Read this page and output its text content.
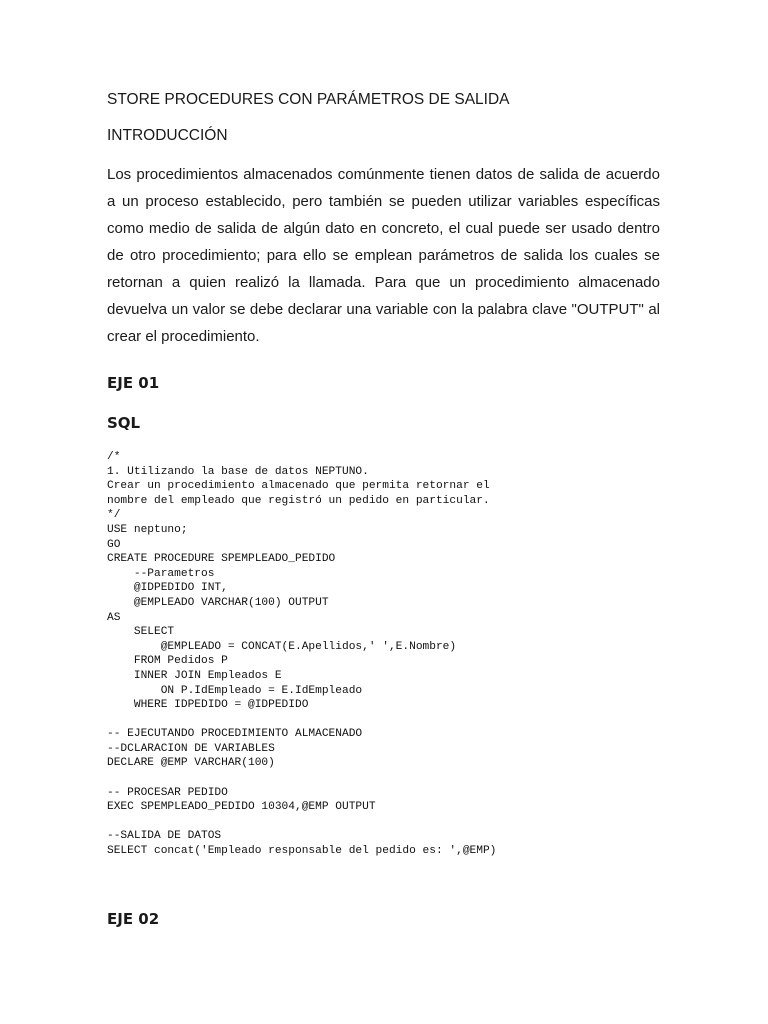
STORE PROCEDURES CON PARÁMETROS DE SALIDA
INTRODUCCIÓN
Los procedimientos almacenados comúnmente tienen datos de salida de acuerdo
a un proceso establecido, pero también se pueden utilizar variables específicas
como medio de salida de algún dato en concreto, el cual puede ser usado dentro
de otro procedimiento; para ello se emplean parámetros de salida los cuales se
retornan a quien realizó la llamada. Para que un procedimiento almacenado
devuelva un valor se debe declarar una variable con la palabra clave "OUTPUT" al
crear el procedimiento.
EJE 01
SQL
/*
1. Utilizando la base de datos NEPTUNO.
Crear un procedimiento almacenado que permita retornar el
nombre del empleado que registró un pedido en particular.
*/
USE neptuno;
GO
CREATE PROCEDURE SPEMPLEADO_PEDIDO
--Parametros
@IDPEDIDO INT,
@EMPLEADO VARCHAR(100) OUTPUT
AS
SELECT
@EMPLEADO = CONCAT(E.Apellidos,' ',E.Nombre)
FROM Pedidos P
INNER JOIN Empleados E
ON P.IdEmpleado = E.IdEmpleado
WHERE IDPEDIDO = @IDPEDIDO

-- EJECUTANDO PROCEDIMIENTO ALMACENADO
--DCLARACION DE VARIABLES
DECLARE @EMP VARCHAR(100)

-- PROCESAR PEDIDO
EXEC SPEMPLEADO_PEDIDO 10304,@EMP OUTPUT

--SALIDA DE DATOS
SELECT concat('Empleado responsable del pedido es: ',@EMP)
EJE 02
